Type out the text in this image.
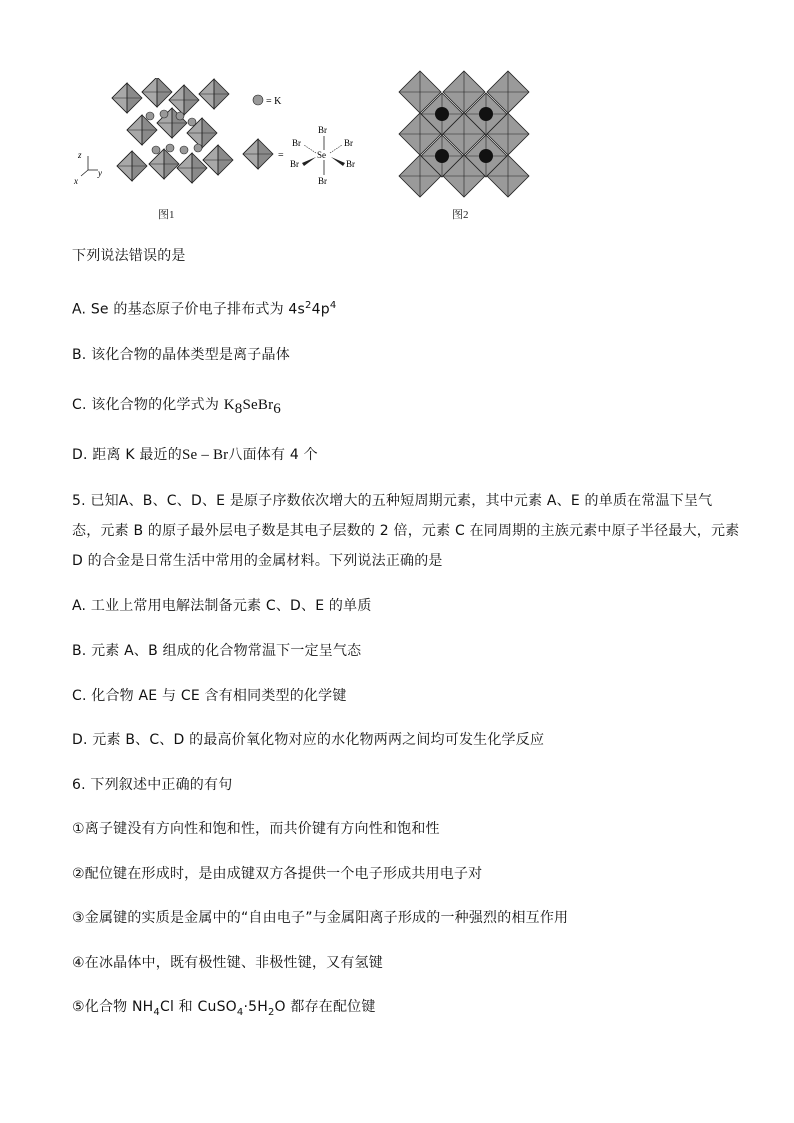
z
y
x
= K
=
Br
Br	Br
Se
Br	Br
Br
图1	图2
下列说法错误的是
A. Se 的基态原子价电子排布式为 $4s^24p^4$
B. 该化合物的晶体类型是离子晶体
C. 该化合物的化学式为 $K_8SeBr_6$
D. 距离 K 最近的Se – Br八面体有 4 个
5. 已知A、B、C、D、E 是原子序数依次增大的五种短周期元素，其中元素 A、E 的单质在常温下呈气
态，元素 B 的原子最外层电子数是其电子层数的 2 倍，元素 C 在同周期的主族元素中原子半径最大，元素
D 的合金是日常生活中常用的金属材料。下列说法正确的是
A. 工业上常用电解法制备元素 C、D、E 的单质
B. 元素 A、B 组成的化合物常温下一定呈气态
C. 化合物 AE 与 CE 含有相同类型的化学键
D. 元素 B、C、D 的最高价氧化物对应的水化物两两之间均可发生化学反应
6. 下列叙述中正确的有句
①离子键没有方向性和饱和性，而共价键有方向性和饱和性
②配位键在形成时，是由成键双方各提供一个电子形成共用电子对
③金属键的实质是金属中的“自由电子”与金属阳离子形成的一种强烈的相互作用
④在冰晶体中，既有极性键、非极性键，又有氢键
⑤化合物 $NH_4Cl$ 和 $CuSO_4\cdot 5H_2O$ 都存在配位键
